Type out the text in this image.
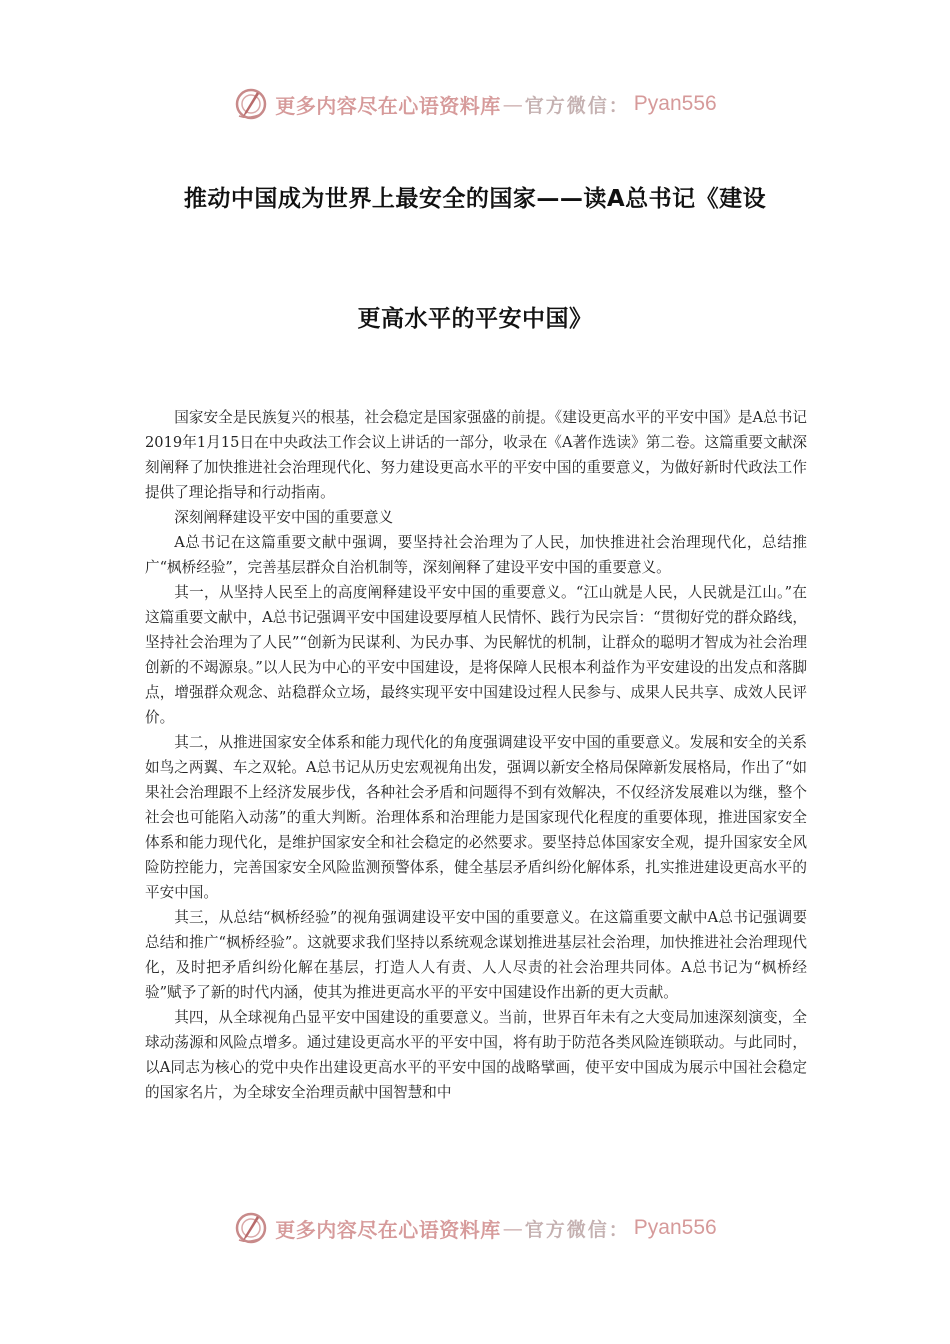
更多内容尽在心语资料库 — 官方微信： Pyan556
推动中国成为世界上最安全的国家——读A总书记《建设
更高水平的平安中国》

国家安全是民族复兴的根基，社会稳定是国家强盛的前提。《建设更高水平的平安中国》是A总书记2019年1月15日在中央政法工作会议上讲话的一部分，收录在《A著作选读》第二卷。这篇重要文献深刻阐释了加快推进社会治理现代化、努力建设更高水平的平安中国的重要意义，为做好新时代政法工作提供了理论指导和行动指南。

深刻阐释建设平安中国的重要意义

A总书记在这篇重要文献中强调，要坚持社会治理为了人民，加快推进社会治理现代化，总结推广“枫桥经验”，完善基层群众自治机制等，深刻阐释了建设平安中国的重要意义。

其一，从坚持人民至上的高度阐释建设平安中国的重要意义。“江山就是人民，人民就是江山。”在这篇重要文献中，A总书记强调平安中国建设要厚植人民情怀、践行为民宗旨：“贯彻好党的群众路线，坚持社会治理为了人民”“创新为民谋利、为民办事、为民解忧的机制，让群众的聪明才智成为社会治理创新的不竭源泉。”以人民为中心的平安中国建设，是将保障人民根本利益作为平安建设的出发点和落脚点，增强群众观念、站稳群众立场，最终实现平安中国建设过程人民参与、成果人民共享、成效人民评价。

其二，从推进国家安全体系和能力现代化的角度强调建设平安中国的重要意义。发展和安全的关系如鸟之两翼、车之双轮。A总书记从历史宏观视角出发，强调以新安全格局保障新发展格局，作出了“如果社会治理跟不上经济发展步伐，各种社会矛盾和问题得不到有效解决，不仅经济发展难以为继，整个社会也可能陷入动荡”的重大判断。治理体系和治理能力是国家现代化程度的重要体现，推进国家安全体系和能力现代化，是维护国家安全和社会稳定的必然要求。要坚持总体国家安全观，提升国家安全风险防控能力，完善国家安全风险监测预警体系，健全基层矛盾纠纷化解体系，扎实推进建设更高水平的平安中国。

其三，从总结“枫桥经验”的视角强调建设平安中国的重要意义。在这篇重要文献中A总书记强调要总结和推广“枫桥经验”。这就要求我们坚持以系统观念谋划推进基层社会治理，加快推进社会治理现代化，及时把矛盾纠纷化解在基层，打造人人有责、人人尽责的社会治理共同体。A总书记为“枫桥经验”赋予了新的时代内涵，使其为推进更高水平的平安中国建设作出新的更大贡献。

其四，从全球视角凸显平安中国建设的重要意义。当前，世界百年未有之大变局加速深刻演变，全球动荡源和风险点增多。通过建设更高水平的平安中国，将有助于防范各类风险连锁联动。与此同时，以A同志为核心的党中央作出建设更高水平的平安中国的战略擘画，使平安中国成为展示中国社会稳定的国家名片，为全球安全治理贡献中国智慧和中

更多内容尽在心语资料库 — 官方微信： Pyan556
